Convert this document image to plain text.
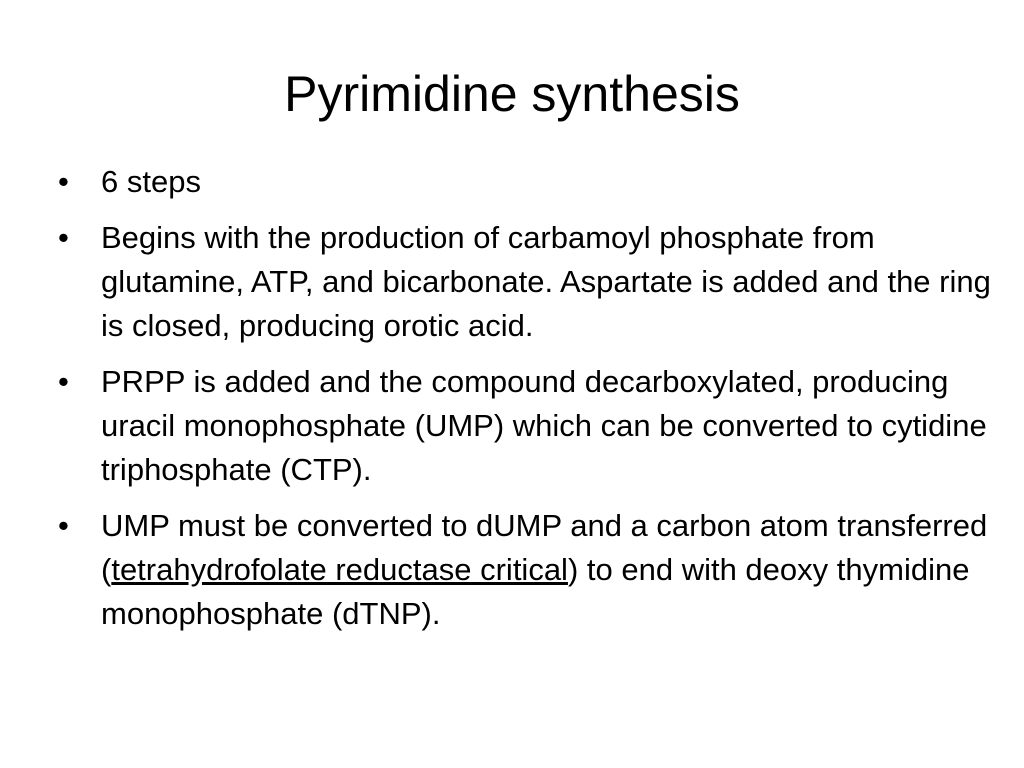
Pyrimidine synthesis
•	6 steps
•	Begins with the production of carbamoyl phosphate from glutamine, ATP, and bicarbonate. Aspartate is added and the ring is closed, producing orotic acid.
•	PRPP is added and the compound decarboxylated, producing uracil monophosphate (UMP) which can be converted to cytidine triphosphate (CTP).
•	UMP must be converted to dUMP and a carbon atom transferred (tetrahydrofolate reductase critical) to end with deoxy thymidine monophosphate (dTNP).
